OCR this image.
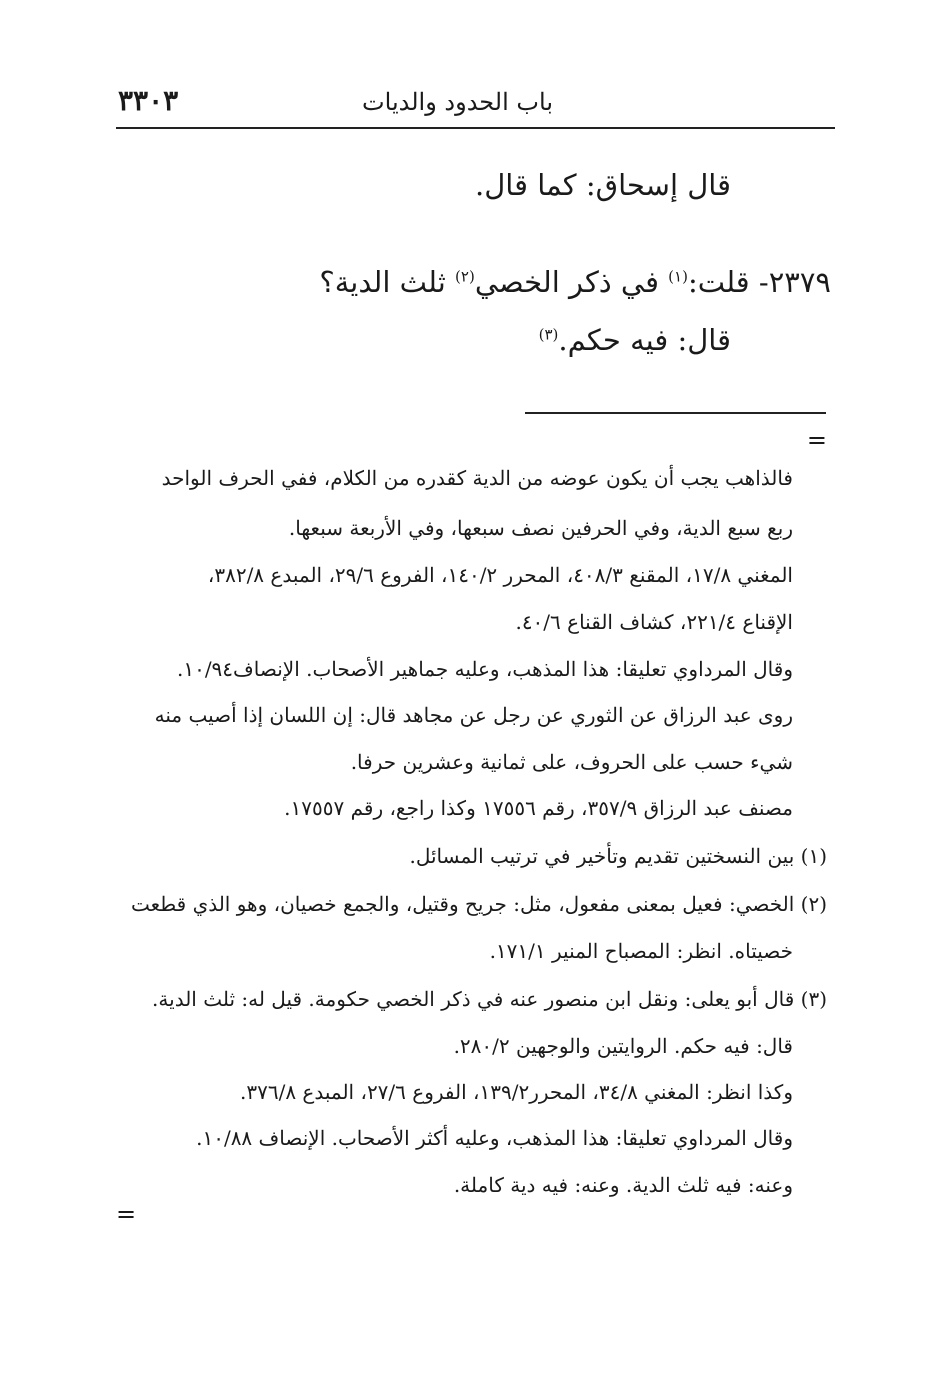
باب الحدود والديات
٣٣٠٣
قال إسحاق: كما قال.
٢٣٧٩- قلت:$^{(١)}$ في ذكر الخصي$^{(٢)}$ ثلث الدية؟
قال: فيه حكم.$^{(٣)}$
=
فالذاهب يجب أن يكون عوضه من الدية كقدره من الكلام، ففي الحرف الواحد
ربع سبع الدية، وفي الحرفين نصف سبعها، وفي الأربعة سبعها.
المغني ١٧/٨، المقنع ٤٠٨/٣، المحرر ١٤٠/٢، الفروع ٢٩/٦، المبدع ٣٨٢/٨،
الإقناع ٢٢١/٤، كشاف القناع ٤٠/٦.
وقال المرداوي تعليقا: هذا المذهب، وعليه جماهير الأصحاب. الإنصاف١٠/٩٤.
روى عبد الرزاق عن الثوري عن رجل عن مجاهد قال: إن اللسان إذا أصيب منه
شيء حسب على الحروف، على ثمانية وعشرين حرفا.
مصنف عبد الرزاق ٣٥٧/٩، رقم ١٧٥٥٦ وكذا راجع، رقم ١٧٥٥٧.
(١) بين النسختين تقديم وتأخير في ترتيب المسائل.
(٢) الخصي: فعيل بمعنى مفعول، مثل: جريح وقتيل، والجمع خصيان، وهو الذي قطعت
خصيتاه. انظر: المصباح المنير ١٧١/١.
(٣) قال أبو يعلى: ونقل ابن منصور عنه في ذكر الخصي حكومة. قيل له: ثلث الدية.
قال: فيه حكم. الروايتين والوجهين ٢٨٠/٢.
وكذا انظر: المغني ٣٤/٨، المحرر١٣٩/٢، الفروع ٢٧/٦، المبدع ٣٧٦/٨.
وقال المرداوي تعليقا: هذا المذهب، وعليه أكثر الأصحاب. الإنصاف ١٠/٨٨.
وعنه: فيه ثلث الدية. وعنه: فيه دية كاملة.
=
